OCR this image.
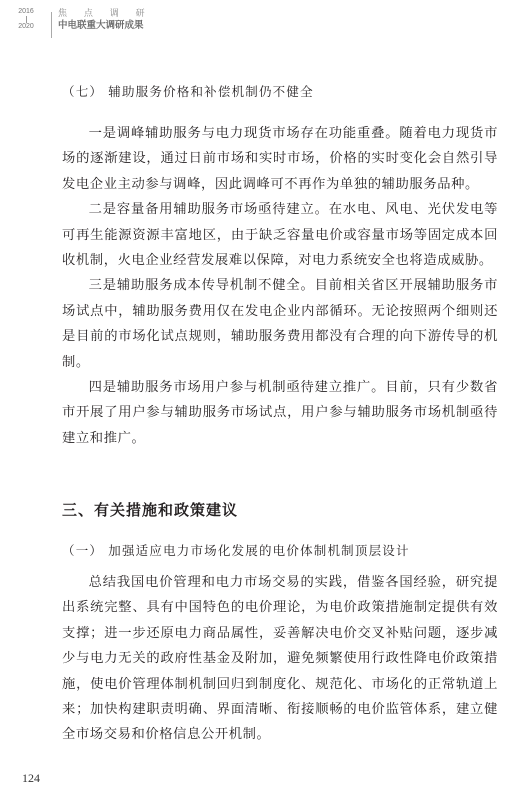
2016
2020
焦 点 调 研
中电联重大调研成果
（七） 辅助服务价格和补偿机制仍不健全

一是调峰辅助服务与电力现货市场存在功能重叠。随着电力现货市场的逐渐建设，通过日前市场和实时市场，价格的实时变化会自然引导发电企业主动参与调峰，因此调峰可不再作为单独的辅助服务品种。

二是容量备用辅助服务市场亟待建立。在水电、风电、光伏发电等可再生能源资源丰富地区，由于缺乏容量电价或容量市场等固定成本回收机制，火电企业经营发展难以保障，对电力系统安全也将造成威胁。

三是辅助服务成本传导机制不健全。目前相关省区开展辅助服务市场试点中，辅助服务费用仅在发电企业内部循环。无论按照两个细则还是目前的市场化试点规则，辅助服务费用都没有合理的向下游传导的机制。

四是辅助服务市场用户参与机制亟待建立推广。目前，只有少数省市开展了用户参与辅助服务市场试点，用户参与辅助服务市场机制亟待建立和推广。

三、有关措施和政策建议
（一） 加强适应电力市场化发展的电价体制机制顶层设计

总结我国电价管理和电力市场交易的实践，借鉴各国经验，研究提出系统完整、具有中国特色的电价理论，为电价政策措施制定提供有效支撑；进一步还原电力商品属性，妥善解决电价交叉补贴问题，逐步减少与电力无关的政府性基金及附加，避免频繁使用行政性降电价政策措施，使电价管理体制机制回归到制度化、规范化、市场化的正常轨道上来；加快构建职责明确、界面清晰、衔接顺畅的电价监管体系，建立健全市场交易和价格信息公开机制。

124
